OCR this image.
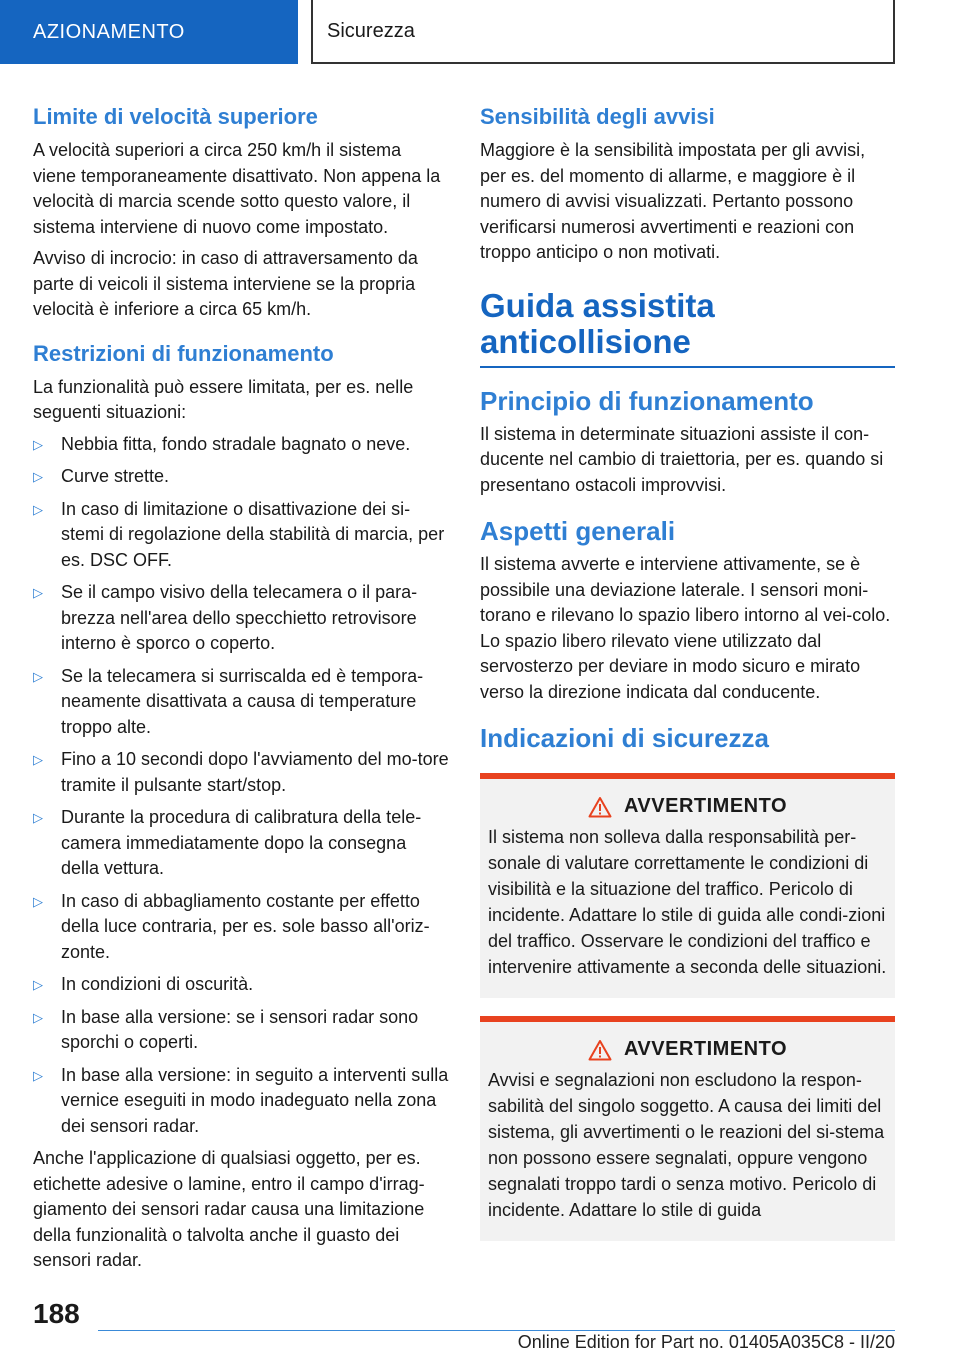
AZIONAMENTO	Sicurezza
Limite di velocità superiore

A velocità superiori a circa 250 km/h il sistema viene temporaneamente disattivato. Non appena la velocità di marcia scende sotto questo valore, il sistema interviene di nuovo come impostato.

Avviso di incrocio: in caso di attraversamento da parte di veicoli il sistema interviene se la propria velocità è inferiore a circa 65 km/h.

Restrizioni di funzionamento

La funzionalità può essere limitata, per es. nelle seguenti situazioni:

▷ Nebbia fitta, fondo stradale bagnato o neve.
▷ Curve strette.
▷ In caso di limitazione o disattivazione dei si-stemi di regolazione della stabilità di marcia, per es. DSC OFF.
▷ Se il campo visivo della telecamera o il para-brezza nell'area dello specchietto retrovisore interno è sporco o coperto.
▷ Se la telecamera si surriscalda ed è tempora-neamente disattivata a causa di temperature troppo alte.
▷ Fino a 10 secondi dopo l'avviamento del mo-tore tramite il pulsante start/stop.
▷ Durante la procedura di calibratura della tele-camera immediatamente dopo la consegna della vettura.
▷ In caso di abbagliamento costante per effetto della luce contraria, per es. sole basso all'oriz-zonte.
▷ In condizioni di oscurità.
▷ In base alla versione: se i sensori radar sono sporchi o coperti.
▷ In base alla versione: in seguito a interventi sulla vernice eseguiti in modo inadeguato nella zona dei sensori radar.

Anche l'applicazione di qualsiasi oggetto, per es. etichette adesive o lamine, entro il campo d'irrag-giamento dei sensori radar causa una limitazione della funzionalità o talvolta anche il guasto dei sensori radar.

Sensibilità degli avvisi

Maggiore è la sensibilità impostata per gli avvisi, per es. del momento di allarme, e maggiore è il numero di avvisi visualizzati. Pertanto possono verificarsi numerosi avvertimenti e reazioni con troppo anticipo o non motivati.

Guida assistita
anticollisione
Principio di funzionamento

Il sistema in determinate situazioni assiste il con-ducente nel cambio di traiettoria, per es. quando si presentano ostacoli improvvisi.

Aspetti generali

Il sistema avverte e interviene attivamente, se è possibile una deviazione laterale. I sensori moni-torano e rilevano lo spazio libero intorno al vei-colo. Lo spazio libero rilevato viene utilizzato dal servosterzo per deviare in modo sicuro e mirato verso la direzione indicata dal conducente.

Indicazioni di sicurezza
AVVERTIMENTO

Il sistema non solleva dalla responsabilità per-sonale di valutare correttamente le condizioni di visibilità e la situazione del traffico. Pericolo di incidente. Adattare lo stile di guida alle condi-zioni del traffico. Osservare le condizioni del traffico e intervenire attivamente a seconda delle situazioni.

AVVERTIMENTO

Avvisi e segnalazioni non escludono la respon-sabilità del singolo soggetto. A causa dei limiti del sistema, gli avvertimenti o le reazioni del si-stema non possono essere segnalati, oppure vengono segnalati troppo tardi o senza motivo. Pericolo di incidente. Adattare lo stile di guida

188
Online Edition for Part no. 01405A035C8 - II/20
